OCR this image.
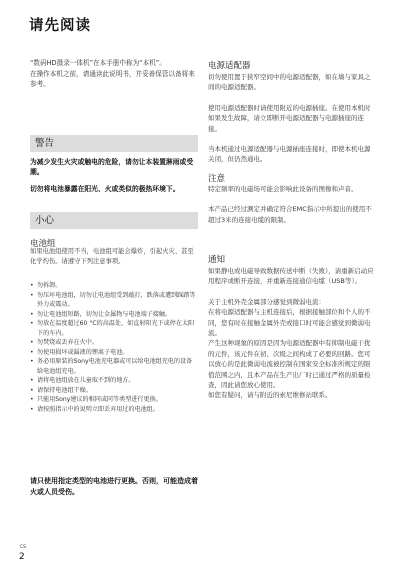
请先阅读

“数码HD摄录一体机”在本手册中称为“本机”。

在操作本机之前，请通读此说明书，并妥善保管以备将来参考。

警告
为减少发生火灾或触电的危险，请勿让本装置淋雨或受潮。
切勿将电池暴露在阳光、火或类似的极热环境下。
小心
电池组

如果电池组使用不当，电池组可能会爆炸，引起火灾、甚至化学灼伤。请遵守下列注意事项。

• 勿拆卸。
• 勿压坏电池组，切勿让电池组受到敲打，跌落或遭到踩踏等外力或震动。
• 勿让电池组短路，切勿让金属物与电池端子接触。
• 勿放在温度超过60 °C的高温处，如直射阳光下或停在太阳下的车内。
• 勿焚烧或丢弃在火中。
• 勿使用损坏或漏液的锂离子电池。
• 务必用原装的Sony电池充电器或可以给电池组充电的设备给电池组充电。
• 请将电池组放在儿童取不到的地方。
• 请保持电池组干燥。
• 只能用Sony建议的相同或同等类型进行更换。
• 请按照指示中的说明立即丢弃用过的电池组。
请只使用指定类型的电池进行更换。否则，可能造成着火或人员受伤。
电源适配器

切勿使用置于狭窄空间中的电源适配器，如在墙与家具之间的电源适配器。

使用电源适配器时请使用附近的电源插座。在使用本机时如果发生故障，请立即断开电源适配器与电源插座的连接。

当本机通过电源适配器与电源插座连接时，即使本机电源关闭，但仍然通电。

注意

特定频率的电磁场可能会影响此设备的图像和声音。

本产品已经过测定并确定符合EMC指示中所提出的使用不超过3米的连接电缆的限制。

通知

如果静电或电磁导致数据传送中断（失败），请重新启动应用程序或断开连接，并重新连接通信电缆（USB等）。

关于主机外壳金属部分感觉到微弱电流：

在将电源适配器与主机连接后，根据接触部位和个人的不同，您有时在接触金属外壳或接口时可能会感觉到微弱电流。

产生这种现象的原因是因为电源适配器中有抑制电磁干扰的元件，该元件在初、次级之间构成了必要的回路。您可以放心的是此微弱电流被控制在国家安全标准所规定的限值范围之内，且本产品在生产出厂时已通过严格的质量检查，因此请您放心使用。

如您有疑问，请与附近的索尼维修站联系。

CS
2
